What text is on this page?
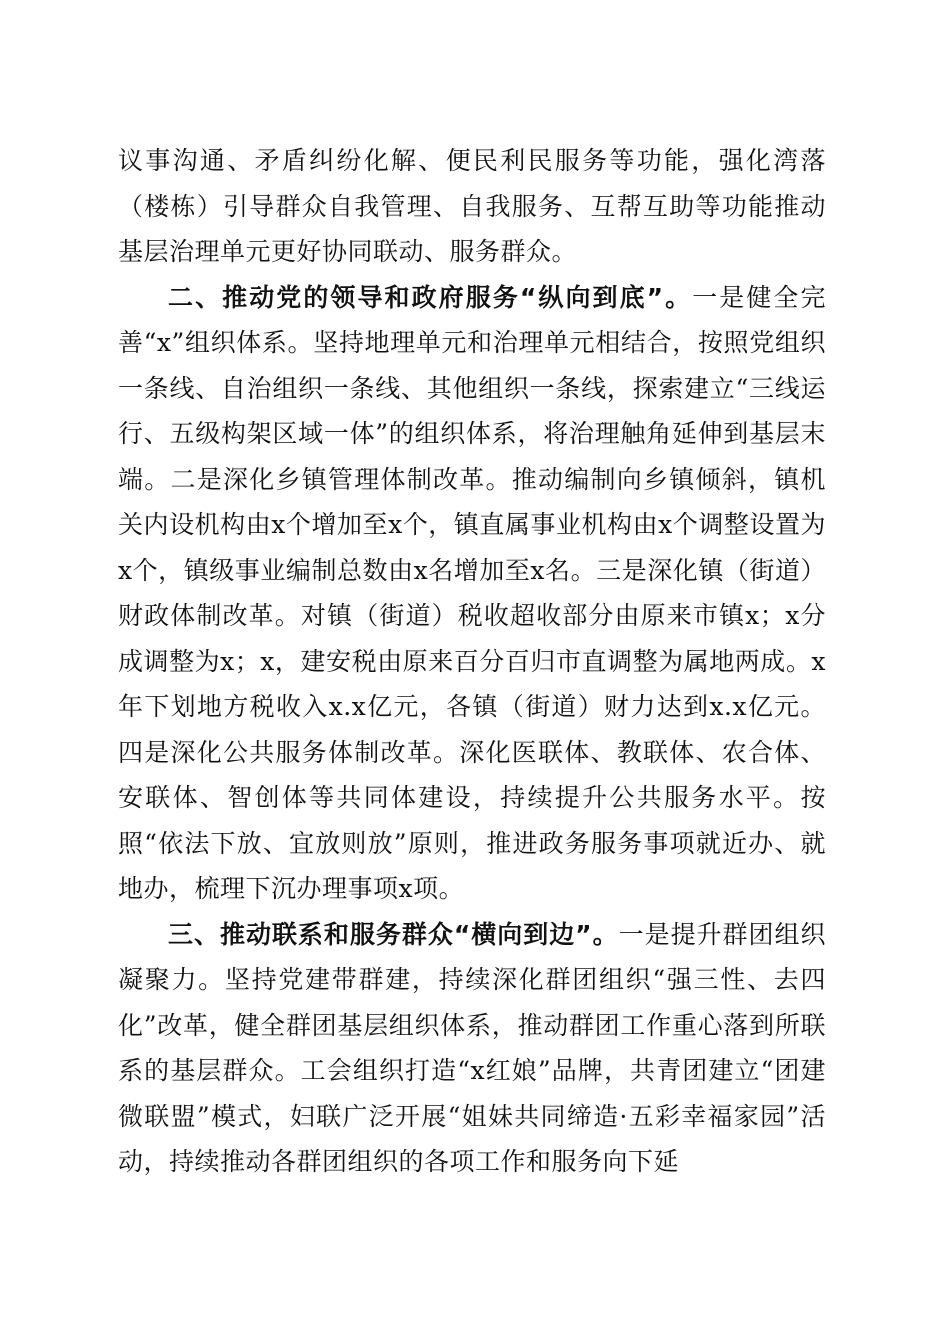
议事沟通、矛盾纠纷化解、便民利民服务等功能，强化湾落（楼栋）引导群众自我管理、自我服务、互帮互助等功能推动基层治理单元更好协同联动、服务群众。

二、推动党的领导和政府服务“纵向到底”。一是健全完善“x”组织体系。坚持地理单元和治理单元相结合，按照党组织一条线、自治组织一条线、其他组织一条线，探索建立“三线运行、五级构架区域一体”的组织体系，将治理触角延伸到基层末端。二是深化乡镇管理体制改革。推动编制向乡镇倾斜，镇机关内设机构由x个增加至x个，镇直属事业机构由x个调整设置为x个，镇级事业编制总数由x名增加至x名。三是深化镇（街道）财政体制改革。对镇（街道）税收超收部分由原来市镇x；x分成调整为x；x，建安税由原来百分百归市直调整为属地两成。x年下划地方税收入x.x亿元，各镇（街道）财力达到x.x亿元。四是深化公共服务体制改革。深化医联体、教联体、农合体、安联体、智创体等共同体建设，持续提升公共服务水平。按照“依法下放、宜放则放”原则，推进政务服务事项就近办、就地办，梳理下沉办理事项x项。

三、推动联系和服务群众“横向到边”。一是提升群团组织凝聚力。坚持党建带群建，持续深化群团组织“强三性、去四化”改革，健全群团基层组织体系，推动群团工作重心落到所联系的基层群众。工会组织打造“x红娘”品牌，共青团建立“团建微联盟”模式，妇联广泛开展“姐妹共同缔造·五彩幸福家园”活动，持续推动各群团组织的各项工作和服务向下延
